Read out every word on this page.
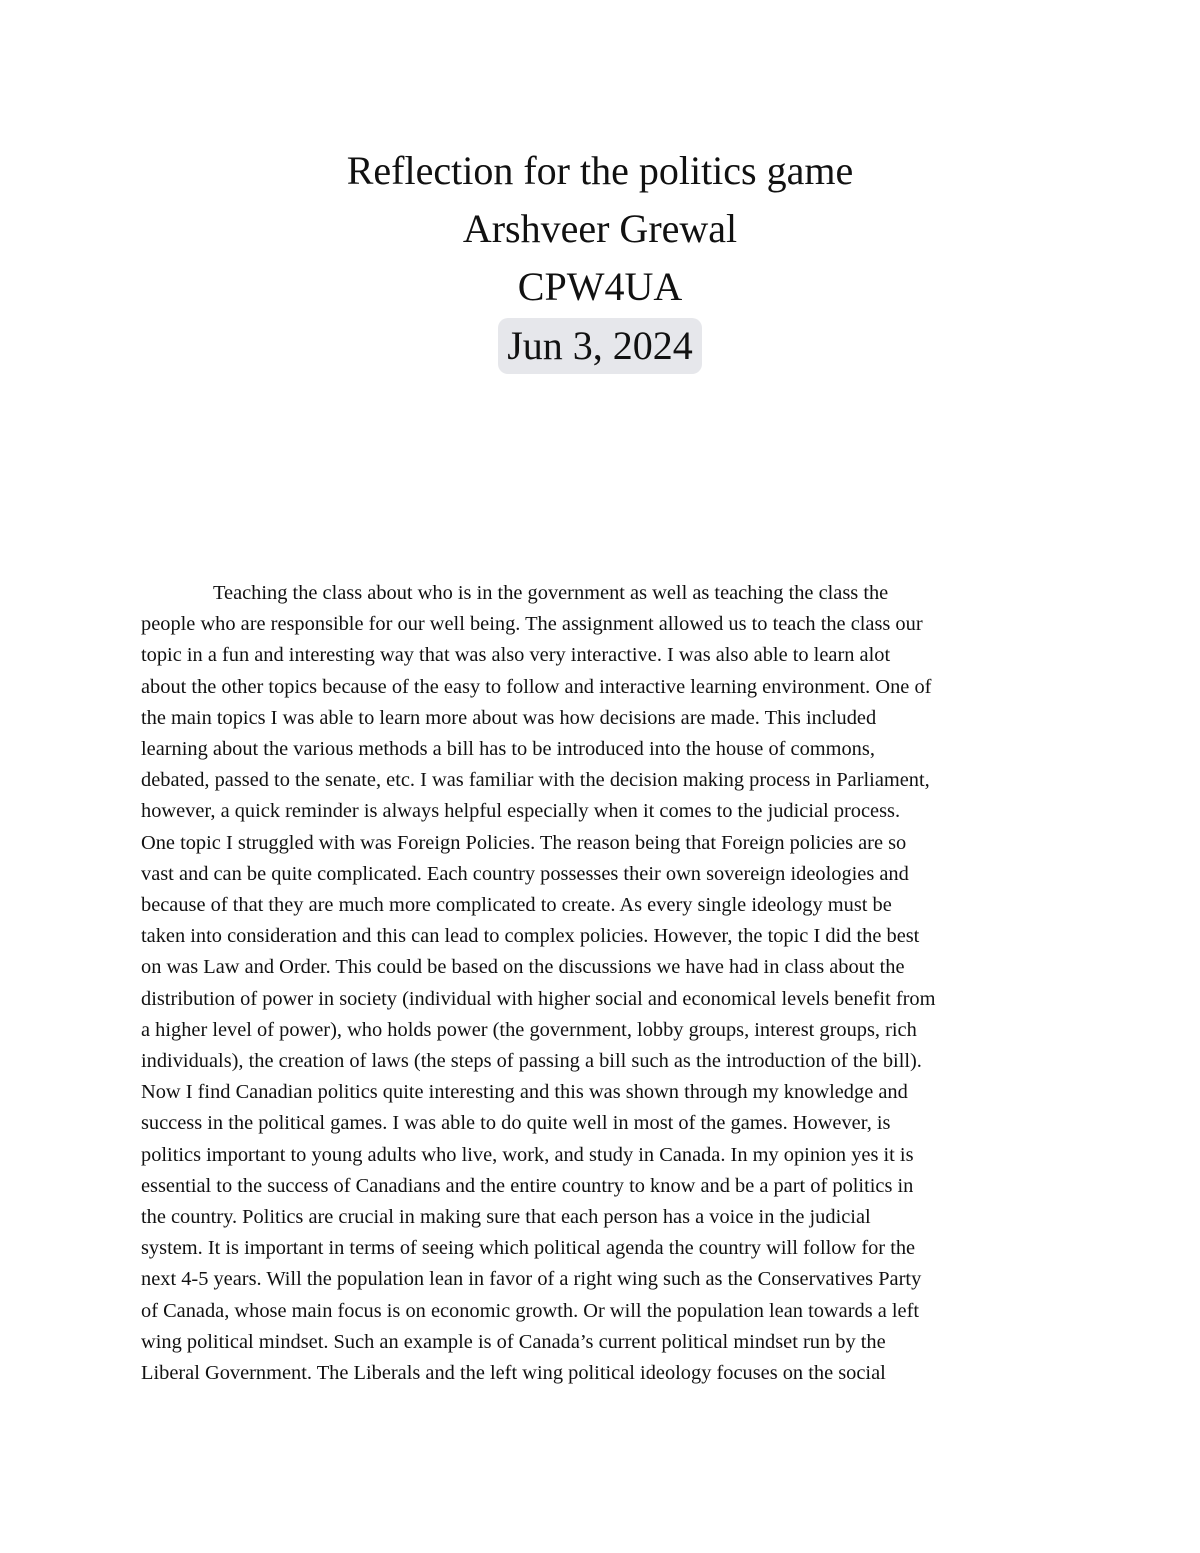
Reflection for the politics game
Arshveer Grewal
CPW4UA
Jun 3, 2024
Teaching the class about who is in the government as well as teaching the class the
people who are responsible for our well being. The assignment allowed us to teach the class our
topic in a fun and interesting way that was also very interactive. I was also able to learn alot
about the other topics because of the easy to follow and interactive learning environment. One of
the main topics I was able to learn more about was how decisions are made. This included
learning about the various methods a bill has to be introduced into the house of commons,
debated, passed to the senate, etc. I was familiar with the decision making process in Parliament,
however, a quick reminder is always helpful especially when it comes to the judicial process.
One topic I struggled with was Foreign Policies. The reason being that Foreign policies are so
vast and can be quite complicated. Each country possesses their own sovereign ideologies and
because of that they are much more complicated to create. As every single ideology must be
taken into consideration and this can lead to complex policies. However, the topic I did the best
on was Law and Order. This could be based on the discussions we have had in class about the
distribution of power in society (individual with higher social and economical levels benefit from
a higher level of power), who holds power (the government, lobby groups, interest groups, rich
individuals), the creation of laws (the steps of passing a bill such as the introduction of the bill).
Now I find Canadian politics quite interesting and this was shown through my knowledge and
success in the political games. I was able to do quite well in most of the games. However, is
politics important to young adults who live, work, and study in Canada. In my opinion yes it is
essential to the success of Canadians and the entire country to know and be a part of politics in
the country. Politics are crucial in making sure that each person has a voice in the judicial
system. It is important in terms of seeing which political agenda the country will follow for the
next 4-5 years. Will the population lean in favor of a right wing such as the Conservatives Party
of Canada, whose main focus is on economic growth. Or will the population lean towards a left
wing political mindset. Such an example is of Canada’s current political mindset run by the
Liberal Government. The Liberals and the left wing political ideology focuses on the social
